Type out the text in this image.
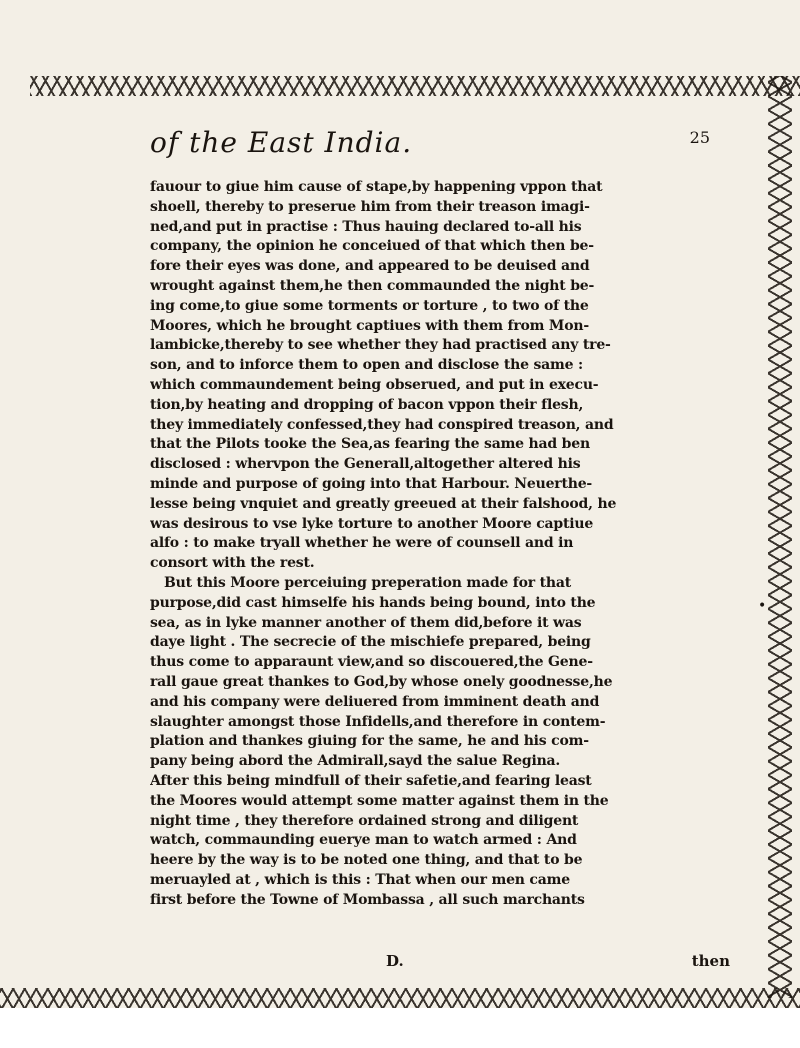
of the East India.	25
fauour to giue him cause of stape,by happening vppon that
shoell, thereby to preserue him from their treason imagi-
ned,and put in practise : Thus hauing declared to-all his
company, the opinion he conceiued of that which then be-
fore their eyes was done, and appeared to be deuised and
wrought against them,he then commaunded the night be-
ing come,to giue some torments or torture , to two of the
Moores, which he brought captiues with them from Mon-
lambicke,thereby to see whether they had practised any tre-
son, and to inforce them to open and disclose the same :
which commaundement being obserued, and put in execu-
tion,by heating and dropping of bacon vppon their flesh,
they immediately confessed,they had conspired treason, and
that the Pilots tooke the Sea,as fearing the same had ben
disclosed : whervpon the Generall,altogether altered his
minde and purpose of going into that Harbour. Neuerthe-
lesse being vnquiet and greatly greeued at their falshood, he
was desirous to vse lyke torture to another Moore captiue
alfo : to make tryall whether he were of counsell and in
consort with the rest.
But this Moore perceiuing preperation made for that
purpose,did cast himselfe his hands being bound, into the
sea, as in lyke manner another of them did,before it was
daye light . The secrecie of the mischiefe prepared, being
thus come to apparaunt view,and so discouered,the Gene-
rall gaue great thankes to God,by whose onely goodnesse,he
and his company were deliuered from imminent death and
slaughter amongst those Infidells,and therefore in contem-
plation and thankes giuing for the same, he and his com-
pany being abord the Admirall,sayd the salue Regina.
After this being mindfull of their safetie,and fearing least
the Moores would attempt some matter against them in the
night time , they therefore ordained strong and diligent
watch, commaunding euerye man to watch armed : And
heere by the way is to be noted one thing, and that to be
meruayled at , which is this : That when our men came
first before the Towne of Mombassa , all such marchants
D.	then
•
